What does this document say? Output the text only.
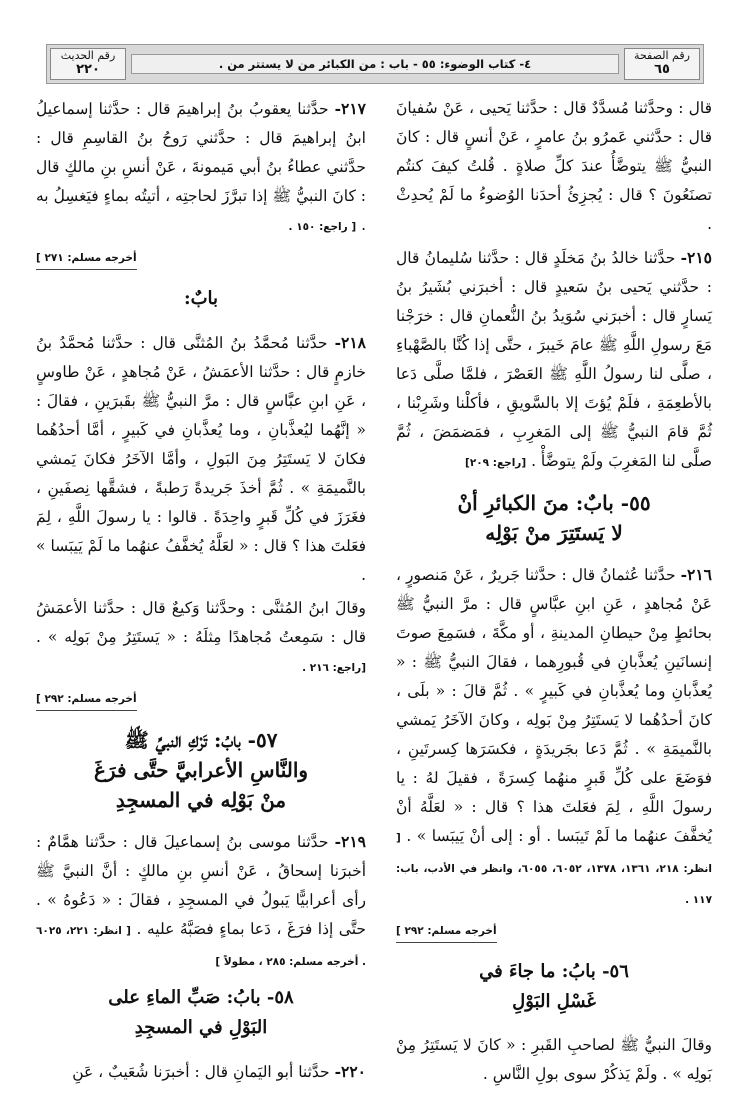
رقم الصفحة
٦٥
٤- كتاب الوضوء: ٥٥ - باب : من الكبائر من لا يستتر من .
رقم الحديث
٢٢٠

قال : وحدَّثنا مُسدَّدٌ قال : حدَّثنا يَحيى ، عَنْ سُفيانَ قال : حدَّثني عَمرُو بنُ عامرٍ ، عَنْ أنسٍ قال : كانَ النبيُّ ﷺ يتوضَّأُ عندَ كلِّ صلاةٍ . قُلتُ كيفَ كنتُم تصنَعُونَ ؟ قال : يُجزِئُ أحدَنا الوُضوءُ ما لَمْ يُحدِثْ .

٢١٥- حدَّثنا خالدُ بنُ مَخلَدٍ قال : حدَّثنا سُليمانُ قال : حدَّثني يَحيى بنُ سَعيدٍ قال : أخبرَني بُشَيرُ بنُ يَسارٍ قال : أخبرَني سُوَيدُ بنُ النُّعمانِ قال : خرَجْنا مَعَ رسولِ اللَّهِ ﷺ عامَ خَيبرَ ، حتَّى إذا كُنَّا بالصَّهْباءِ ، صلَّى لنا رسولُ اللَّهِ ﷺ العَصْرَ ، فلمَّا صلَّى دَعا بالأطعِمَةِ ، فلَمْ يُؤتَ إلا بالسَّويقِ ، فأكلْنا وشَرِبْنا ، ثُمَّ قامَ النبيُّ ﷺ إلى المَغرِبِ ، فمَضمَضَ ، ثُمَّ صلَّى لنا المَغرِبَ ولَمْ يتوضَّأْ . [راجع: ٢٠٩]

٥٥- بابٌ: منَ الكبائرِ أنْ
لا يَستَتِرَ منْ بَوْلِه

٢١٦- حدَّثنا عُثمانُ قال : حدَّثنا جَريرٌ ، عَنْ مَنصورٍ ، عَنْ مُجاهدٍ ، عَنِ ابنِ عبَّاسٍ قال : مرَّ النبيُّ ﷺ بحائطٍ مِنْ حيطانِ المدينةِ ، أو مكَّةَ ، فسَمِعَ صوتَ إنسانَينِ يُعذَّبانِ في قُبورِهما ، فقالَ النبيُّ ﷺ : « يُعذَّبانِ وما يُعذَّبانِ في كَبيرٍ » . ثُمَّ قالَ : « بلَى ، كانَ أحدُهُما لا يَستَتِرُ مِنْ بَولِه ، وكانَ الآخَرُ يَمشي بالنَّميمَةِ » . ثُمَّ دَعا بجَريدَةٍ ، فكسَرَها كِسرتَينِ ، فوَضَعَ على كُلِّ قَبرٍ منهُما كِسرَةً ، فقيلَ لهُ : يا رسولَ اللَّهِ ، لِمَ فعَلتَ هذا ؟ قال : « لعَلَّهُ أنْ يُخفَّفَ عنهُما ما لَمْ تَيبَسا . أو : إلى أنْ يَيبَسا » . [ انظر: ٢١٨، ١٣٦١، ١٣٧٨، ٦٠٥٢، ٦٠٥٥، وانظر في الأدب، باب: ١١٧ .

أخرجه مسلم: ٢٩٢ ]
٥٦- بابُ: ما جاءَ في
غَسْلِ البَوْلِ

وقالَ النبيُّ ﷺ لصاحبِ القَبرِ : « كانَ لا يَستَتِرُ مِنْ بَولِه » . ولَمْ يَذكُرْ سوى بولِ النَّاسِ .

٢١٧- حدَّثنا يعقوبُ بنُ إبراهيمَ قال : حدَّثنا إسماعيلُ ابنُ إبراهيمَ قال : حدَّثني رَوحُ بنُ القاسِمِ قال : حدَّثني عطاءُ بنُ أبي مَيمونةَ ، عَنْ أنسِ بنِ مالكٍ قال : كانَ النبيُّ ﷺ إذا تبرَّزَ لحاجتِه ، أتيتُه بماءٍ فيَغسِلُ به . [ راجع: ١٥٠ .

أخرجه مسلم: ٢٧١ ]
بابٌ:

٢١٨- حدَّثنا مُحمَّدُ بنُ المُثنَّى قال : حدَّثنا مُحمَّدُ بنُ خازمٍ قال : حدَّثنا الأعمَشُ ، عَنْ مُجاهدٍ ، عَنْ طاوسٍ ، عَنِ ابنِ عبَّاسٍ قال : مرَّ النبيُّ ﷺ بقَبرَينِ ، فقالَ : « إنَّهُما ليُعذَّبانِ ، وما يُعذَّبانِ في كَبيرٍ ، أمَّا أحدُهُما فكانَ لا يَستَتِرُ مِنَ البَولِ ، وأمَّا الآخَرُ فكانَ يَمشي بالنَّميمَةِ » . ثُمَّ أخذَ جَريدةً رَطبةً ، فشقَّها نِصفَينِ ، فغَرَزَ في كُلِّ قَبرٍ واحِدَةً . قالوا : يا رسولَ اللَّهِ ، لِمَ فعَلتَ هذا ؟ قال : « لعَلَّهُ يُخفَّفُ عنهُما ما لَمْ يَيبَسا » .

وقالَ ابنُ المُثنَّى : وحدَّثنا وَكيعٌ قال : حدَّثنا الأعمَشُ قال : سَمِعتُ مُجاهدًا مِثلَهُ : « يَستَتِرُ مِنْ بَولِه » . [راجع: ٢١٦ .

أخرجه مسلم: ٢٩٢ ]
٥٧- بابُ: تَرْكِ النبيِّ ﷺ
والنَّاسِ الأعرابيَّ حتَّى فرَغَ
منْ بَوْلِه في المسجِدِ

٢١٩- حدَّثنا موسى بنُ إسماعيلَ قال : حدَّثنا همَّامٌ : أخبرَنا إسحاقُ ، عَنْ أنسِ بنِ مالكٍ : أنَّ النبيَّ ﷺ رأى أعرابيًّا يَبولُ في المسجِدِ ، فقالَ : « دَعُوهُ » . حتَّى إذا فرَغَ ، دَعا بماءٍ فصَبَّهُ عليه . [ انظر: ٢٢١، ٦٠٢٥ . أخرجه مسلم: ٢٨٥ ، مطولاً ]

٥٨- بابُ: صَبِّ الماءِ على
البَوْلِ في المسجِدِ

٢٢٠- حدَّثنا أبو اليَمانِ قال : أخبرَنا شُعَيبٌ ، عَنِ
